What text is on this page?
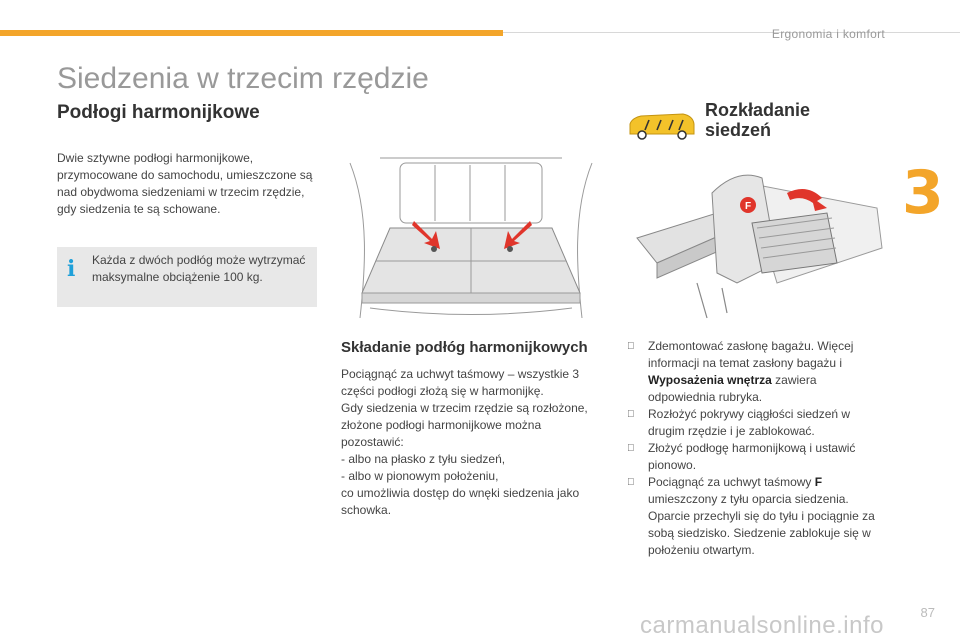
Ergonomia i komfort
3
Siedzenia w trzecim rzędzie
Podłogi harmonijkowe

Dwie sztywne podłogi harmonijkowe, przymocowane do samochodu, umieszczone są nad obydwoma siedzeniami w trzecim rzędzie, gdy siedzenia te są schowane.

i	Każda z dwóch podłóg może wytrzymać maksymalne obciążenie 100 kg.
Składanie podłóg harmonijkowych

Pociągnąć za uchwyt taśmowy – wszystkie 3 części podłogi złożą się w harmonijkę.
Gdy siedzenia w trzecim rzędzie są rozłożone, złożone podłogi harmonijkowe można pozostawić:
- albo na płasko z tyłu siedzeń,
- albo w pionowym położeniu,
co umożliwia dostęp do wnęki siedzenia jako schowka.

Rozkładanie siedzeń
F
Zdemontować zasłonę bagażu. Więcej informacji na temat zasłony bagażu i Wyposażenia wnętrza zawiera odpowiednia rubryka.
Rozłożyć pokrywy ciągłości siedzeń w drugim rzędzie i je zablokować.
Złożyć podłogę harmonijkową i ustawić pionowo.
Pociągnąć za uchwyt taśmowy F umieszczony z tyłu oparcia siedzenia. Oparcie przechyli się do tyłu i pociągnie za sobą siedzisko. Siedzenie zablokuje się w położeniu otwartym.
carmanualsonline.info	87
